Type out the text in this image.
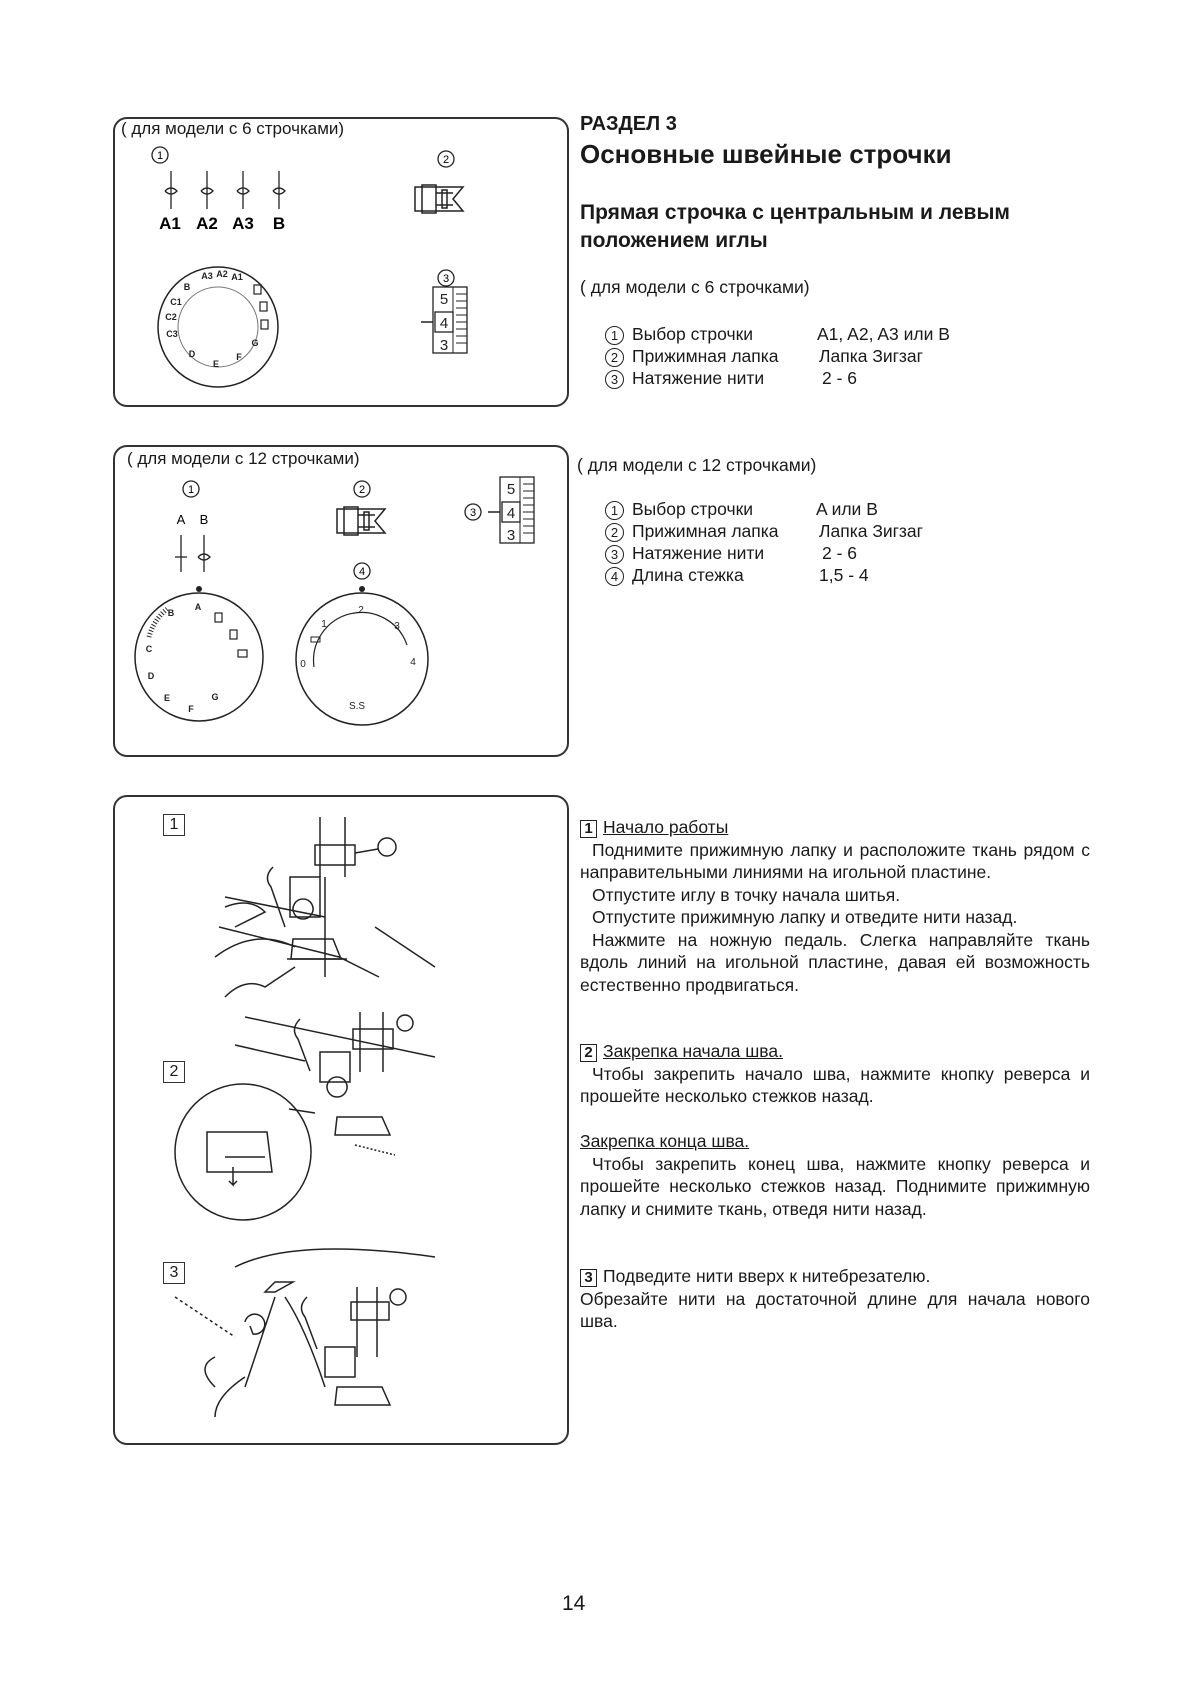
1	2
3
A1 A2 A3 B
A3 A2 A1
B
C1
C2
C3
D
E
F
G
5
4
3
( для модели с 6 строчками)
1	2
3
4
A B
5
4
3
B
A
C
D
E
F
G
0
1
2
3
4
S.S
( для модели с 12 строчками)
1
2
3
РАЗДЕЛ 3
Основные швейные строчки
Прямая строчка с центральным и левым
положением иглы
( для модели с 6 строчками)
1 Выбор строчки	A1, A2, A3 или B
2 Прижимная лапка Лапка Зигзаг
3 Натяжение нити	2 - 6
( для модели с 12 строчками)
1 Выбор строчки	A или B
2 Прижимная лапка Лапка Зигзаг
3 Натяжение нити	2 - 6
4 Длина стежка	1,5 - 4

1 Начало работы

Поднимите прижимную лапку и расположите ткань рядом с направительными линиями на игольной пластине.

Отпустите иглу в точку начала шитья.

Отпустите прижимную лапку и отведите нити назад.

Нажмите на ножную педаль. Слегка направляйте ткань вдоль линий на игольной пластине, давая ей возможность естественно продвигаться.

2 Закрепка начала шва.

Чтобы закрепить начало шва, нажмите кнопку реверса и прошейте несколько стежков назад.

Закрепка конца шва.

Чтобы закрепить конец шва, нажмите кнопку реверса и прошейте несколько стежков назад. Поднимите прижимную лапку и снимите ткань, отведя нити назад.

3 Подведите нити вверх к нитебрезателю.

Обрезайте нити на достаточной длине для начала нового шва.

14
